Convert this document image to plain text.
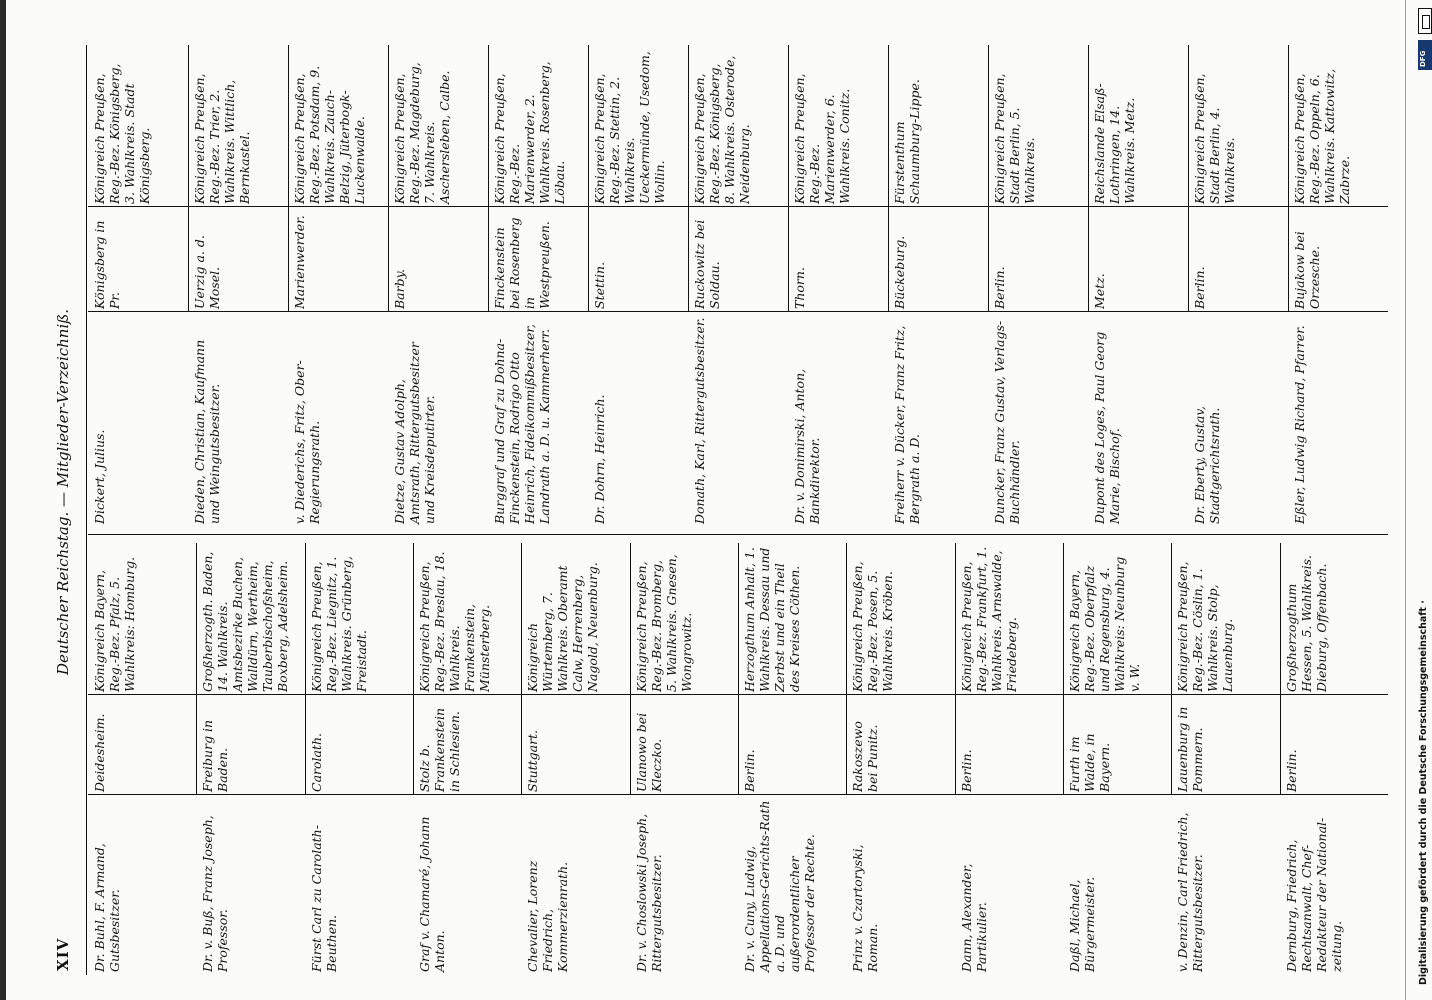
XIV
Deutscher Reichstag. — Mitglieder-Verzeichniß.
Dr. Buhl, F. Armand, Gutsbesitzer.
Deidesheim.
Königreich Bayern, Reg.-Bez. Pfalz, 5. Wahlkreis: Homburg.
Dr. v. Buß, Franz Joseph, Professor.
Freiburg in Baden.
Großherzogth. Baden, 14. Wahlkreis. Amtsbezirke Buchen, Walldürn, Wertheim, Tauberbischofsheim, Boxberg, Adelsheim.
Fürst Carl zu Carolath-Beuthen.
Carolath.
Königreich Preußen, Reg.-Bez. Liegnitz, 1. Wahlkreis. Grünberg, Freistadt.
Graf v. Chamaré, Johann Anton.
Stolz b. Frankenstein in Schlesien.
Königreich Preußen, Reg.-Bez. Breslau, 18. Wahlkreis. Frankenstein, Münsterberg.
Chevalier, Lorenz Friedrich, Kommerzienrath.
Stuttgart.
Königreich Würtemberg, 7. Wahlkreis. Oberamt Calw, Herrenberg, Nagold, Neuenburg.
Dr. v. Choslowski Joseph, Rittergutsbesitzer.
Ulanowo bei Kleczko.
Königreich Preußen, Reg.-Bez. Bromberg, 5. Wahlkreis. Gnesen, Wongrowitz.
Dr. v. Cuny, Ludwig, Appellations-Gerichts-Rath a. D. und außerordentlicher Professor der Rechte.
Berlin.
Herzogthum Anhalt, 1. Wahlkreis. Dessau und Zerbst und ein Theil des Kreises Cöthen.
Prinz v. Czartoryski, Roman.
Rakoszewo bei Punitz.
Königreich Preußen, Reg.-Bez. Posen, 5. Wahlkreis. Kröben.
Dann, Alexander, Partikulier.
Berlin.
Königreich Preußen, Reg.-Bez. Frankfurt, 1. Wahlkreis. Arnswalde, Friedeberg.
Daßl, Michael, Bürgermeister.
Furth im Walde, in Bayern.
Königreich Bayern, Reg.-Bez. Oberpfalz und Regensburg, 4. Wahlkreis: Neunburg v. W.
v. Denzin, Carl Friedrich, Rittergutsbesitzer.
Lauenburg in Pommern.
Königreich Preußen, Reg.-Bez. Cöslin, 1. Wahlkreis. Stolp, Lauenburg.
Dernburg, Friedrich, Rechtsanwalt, Chef-Redakteur der National-zeitung.
Berlin.
Großherzogthum Hessen, 5. Wahlkreis. Dieburg, Offenbach.
Dickert, Julius.
Königsberg in Pr.
Königreich Preußen, Reg.-Bez. Königsberg, 3. Wahlkreis. Stadt Königsberg.
Dieden, Christian, Kaufmann und Weingutsbesitzer.
Uerzig a. d. Mosel.
Königreich Preußen, Reg.-Bez. Trier, 2. Wahlkreis. Wittlich, Bernkastel.
v. Diederichs, Fritz, Ober-Regierungsrath.
Marienwerder.
Königreich Preußen, Reg.-Bez. Potsdam, 9. Wahlkreis. Zauch-Belzig, Jüterbogk-Luckenwalde.
Dietze, Gustav Adolph, Amtsrath, Rittergutsbesitzer und Kreisdeputirter.
Barby.
Königreich Preußen, Reg.-Bez. Magdeburg, 7. Wahlkreis. Aschersleben, Calbe.
Burggraf und Graf zu Dohna-Finckenstein, Rodrigo Otto Heinrich, Fideikommißbesitzer, Landrath a. D. u. Kammerherr.
Finckenstein bei Rosenberg in Westpreußen.
Königreich Preußen, Reg.-Bez. Marienwerder, 2. Wahlkreis. Rosenberg, Löbau.
Dr. Dohrn, Heinrich.
Stettin.
Königreich Preußen, Reg.-Bez. Stettin, 2. Wahlkreis. Ueckermünde, Usedom, Wollin.
Donath, Karl, Rittergutsbesitzer.
Ruckowitz bei Soldau.
Königreich Preußen, Reg.-Bez. Königsberg, 8. Wahlkreis. Osterode, Neidenburg.
Dr. v. Donimirski, Anton, Bankdirektor.
Thorn.
Königreich Preußen, Reg.-Bez. Marienwerder, 6. Wahlkreis. Conitz.
Freiherr v. Dücker, Franz Fritz, Bergrath a. D.
Bückeburg.
Fürstenthum Schaumburg-Lippe.
Duncker, Franz Gustav, Verlags-Buchhändler.
Berlin.
Königreich Preußen, Stadt Berlin, 5. Wahlkreis.
Dupont des Loges, Paul Georg Marie, Bischof.
Metz.
Reichslande Elsaß-Lothringen, 14. Wahlkreis. Metz.
Dr. Eberty, Gustav, Stadtgerichtsrath.
Berlin.
Königreich Preußen, Stadt Berlin, 4. Wahlkreis.
Eßler, Ludwig Richard, Pfarrer.
Bujakow bei Orzesche.
Königreich Preußen, Reg.-Bez. Oppeln, 6. Wahlkreis. Kattowitz, Zabrze.
DFG
Digitalisierung gefördert durch die Deutsche Forschungsgemeinschaft ·
